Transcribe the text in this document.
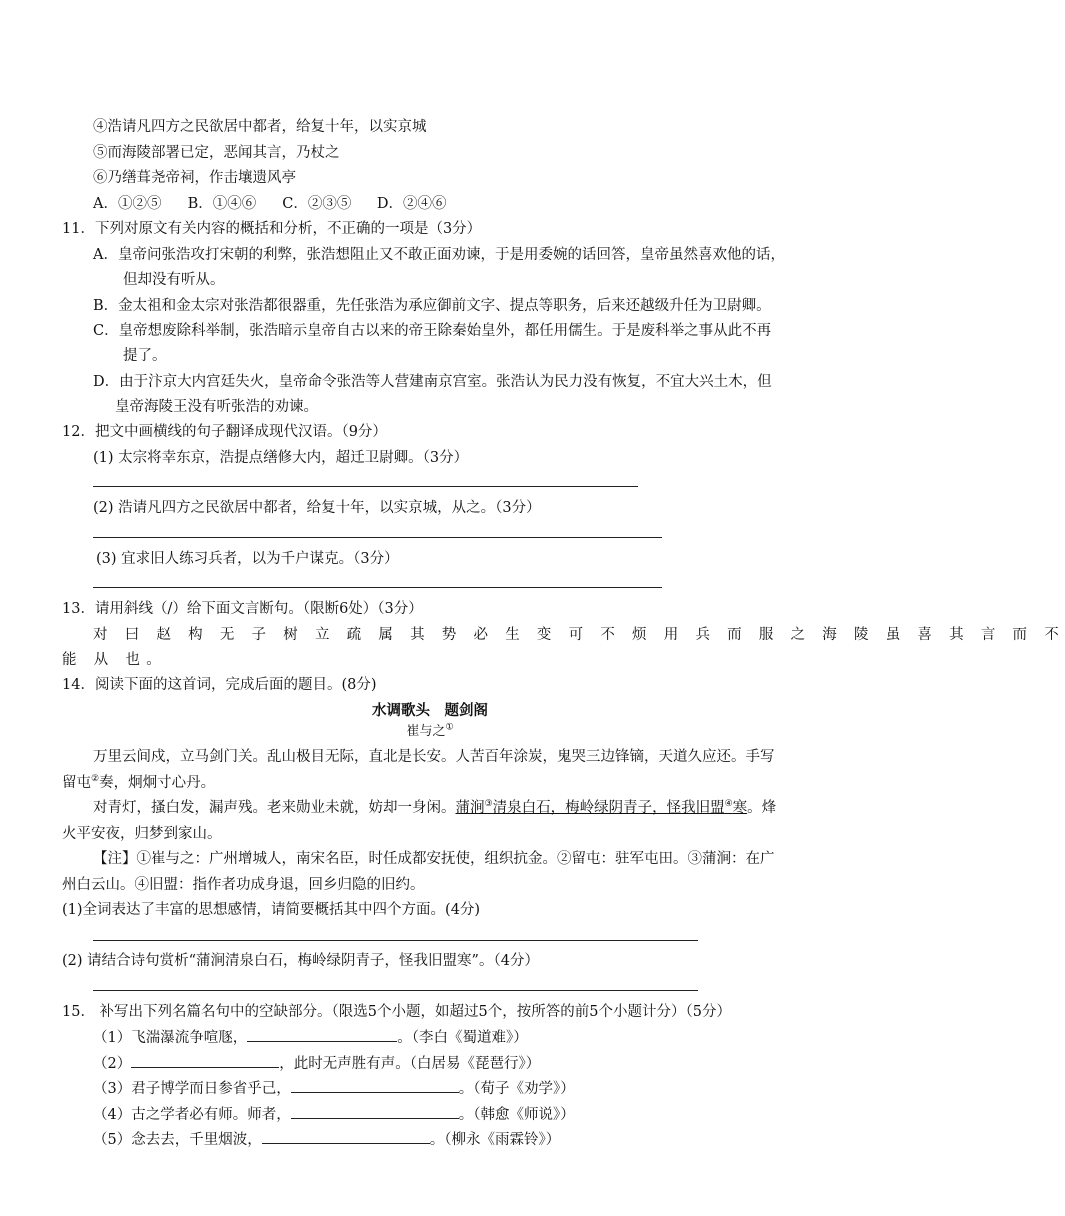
④浩请凡四方之民欲居中都者，给复十年，以实京城
⑤而海陵部署已定，恶闻其言，乃杖之
⑥乃缮葺尧帝祠，作击壤遗风亭
A．①②⑤ B．①④⑥ C．②③⑤ D．②④⑥
11．下列对原文有关内容的概括和分析，不正确的一项是（3分）
A．皇帝问张浩攻打宋朝的利弊，张浩想阻止又不敢正面劝谏，于是用委婉的话回答，皇帝虽然喜欢他的话，
但却没有听从。
B．金太祖和金太宗对张浩都很器重，先任张浩为承应御前文字、提点等职务，后来还越级升任为卫尉卿。
C．皇帝想废除科举制，张浩暗示皇帝自古以来的帝王除秦始皇外，都任用儒生。于是废科举之事从此不再
提了。
D．由于汴京大内宫廷失火，皇帝命令张浩等人营建南京宫室。张浩认为民力没有恢复，不宜大兴土木，但
皇帝海陵王没有听张浩的劝谏。
12．把文中画横线的句子翻译成现代汉语。（9分）
(1) 太宗将幸东京，浩提点缮修大内，超迁卫尉卿。（3分）
(2) 浩请凡四方之民欲居中都者，给复十年，以实京城，从之。（3分）
(3) 宜求旧人练习兵者，以为千户谋克。（3分）
13．请用斜线（/）给下面文言断句。（限断6处）（3分）
对 曰 赵 构 无 子 树 立 疏 属 其 势 必 生 变 可 不 烦 用 兵 而 服 之 海 陵 虽 喜 其 言 而 不
能 从 也。
14．阅读下面的这首词，完成后面的题目。(8分)
水调歌头　题剑阁
崔与之①
万里云间戍，立马剑门关。乱山极目无际，直北是长安。人苦百年涂炭，鬼哭三边锋镝，天道久应还。手写
留屯②奏，炯炯寸心丹。
对青灯，搔白发，漏声残。老来勋业未就，妨却一身闲。蒲涧③清泉白石，梅岭绿阴青子，怪我旧盟④寒。烽
火平安夜，归梦到家山。
【注】①崔与之：广州增城人，南宋名臣，时任成都安抚使，组织抗金。②留屯：驻军屯田。③蒲涧：在广
州白云山。④旧盟：指作者功成身退，回乡归隐的旧约。
(1)全词表达了丰富的思想感情，请简要概括其中四个方面。(4分)
(2) 请结合诗句赏析“蒲涧清泉白石，梅岭绿阴青子，怪我旧盟寒”。（4分）
15． 补写出下列名篇名句中的空缺部分。（限选5个小题，如超过5个，按所答的前5个小题计分）（5分）
（1）飞湍瀑流争喧豗，	。（李白《蜀道难》）
（2）	，此时无声胜有声。（白居易《琵琶行》）
（3）君子博学而日参省乎己，	。（荀子《劝学》）
（4）古之学者必有师。师者，	。（韩愈《师说》）
（5）念去去，千里烟波，	。（柳永《雨霖铃》）
